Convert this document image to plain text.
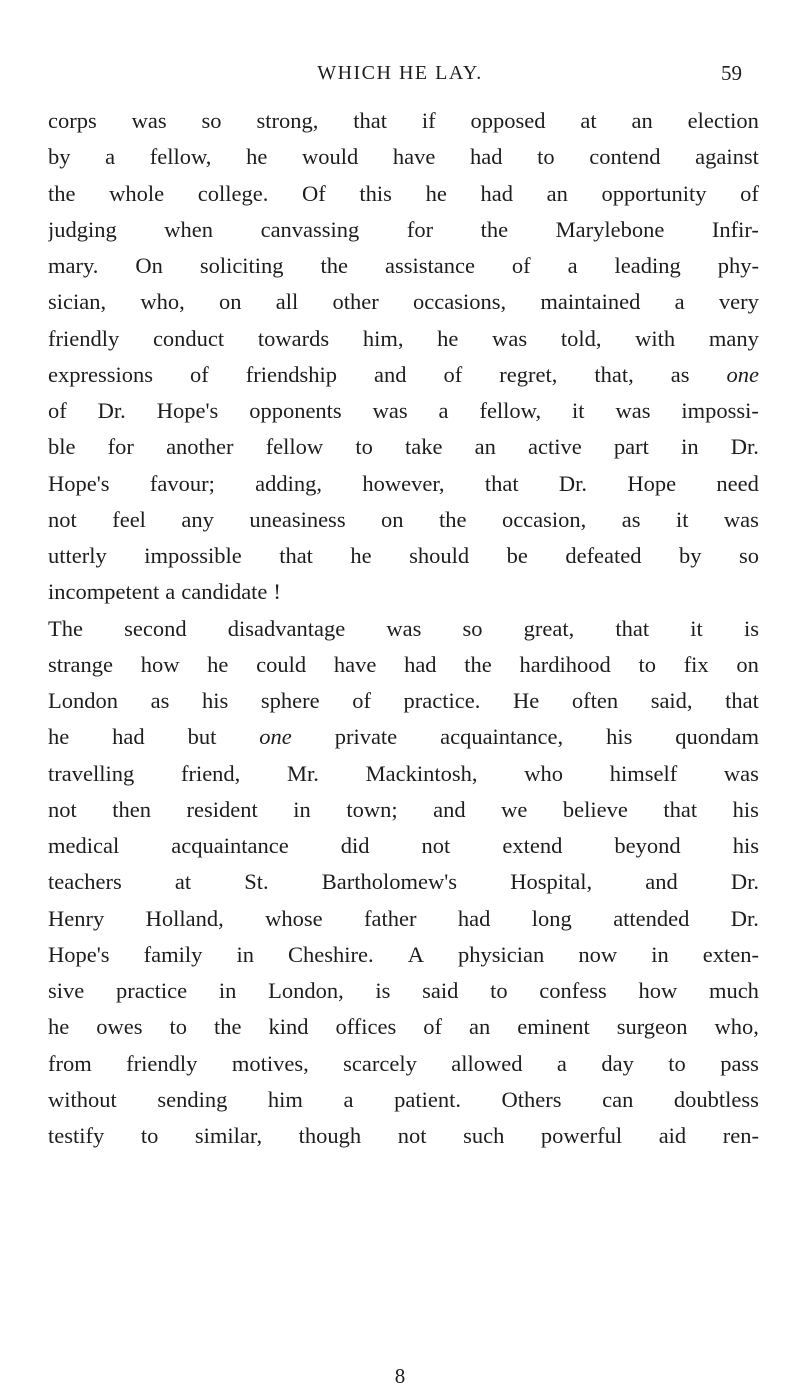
WHICH HE LAY.	59
corps was so strong, that if opposed at an election
by a fellow, he would have had to contend against
the whole college. Of this he had an opportunity of
judging when canvassing for the Marylebone Infir-
mary. On soliciting the assistance of a leading phy-
sician, who, on all other occasions, maintained a very
friendly conduct towards him, he was told, with many
expressions of friendship and of regret, that, as one
of Dr. Hope's opponents was a fellow, it was impossi-
ble for another fellow to take an active part in Dr.
Hope's favour; adding, however, that Dr. Hope need
not feel any uneasiness on the occasion, as it was
utterly impossible that he should be defeated by so
incompetent a candidate !
The second disadvantage was so great, that it is
strange how he could have had the hardihood to fix on
London as his sphere of practice. He often said, that
he had but one private acquaintance, his quondam
travelling friend, Mr. Mackintosh, who himself was
not then resident in town; and we believe that his
medical acquaintance did not extend beyond his
teachers at St. Bartholomew's Hospital, and Dr.
Henry Holland, whose father had long attended Dr.
Hope's family in Cheshire. A physician now in exten-
sive practice in London, is said to confess how much
he owes to the kind offices of an eminent surgeon who,
from friendly motives, scarcely allowed a day to pass
without sending him a patient. Others can doubtless
testify to similar, though not such powerful aid ren-
8
